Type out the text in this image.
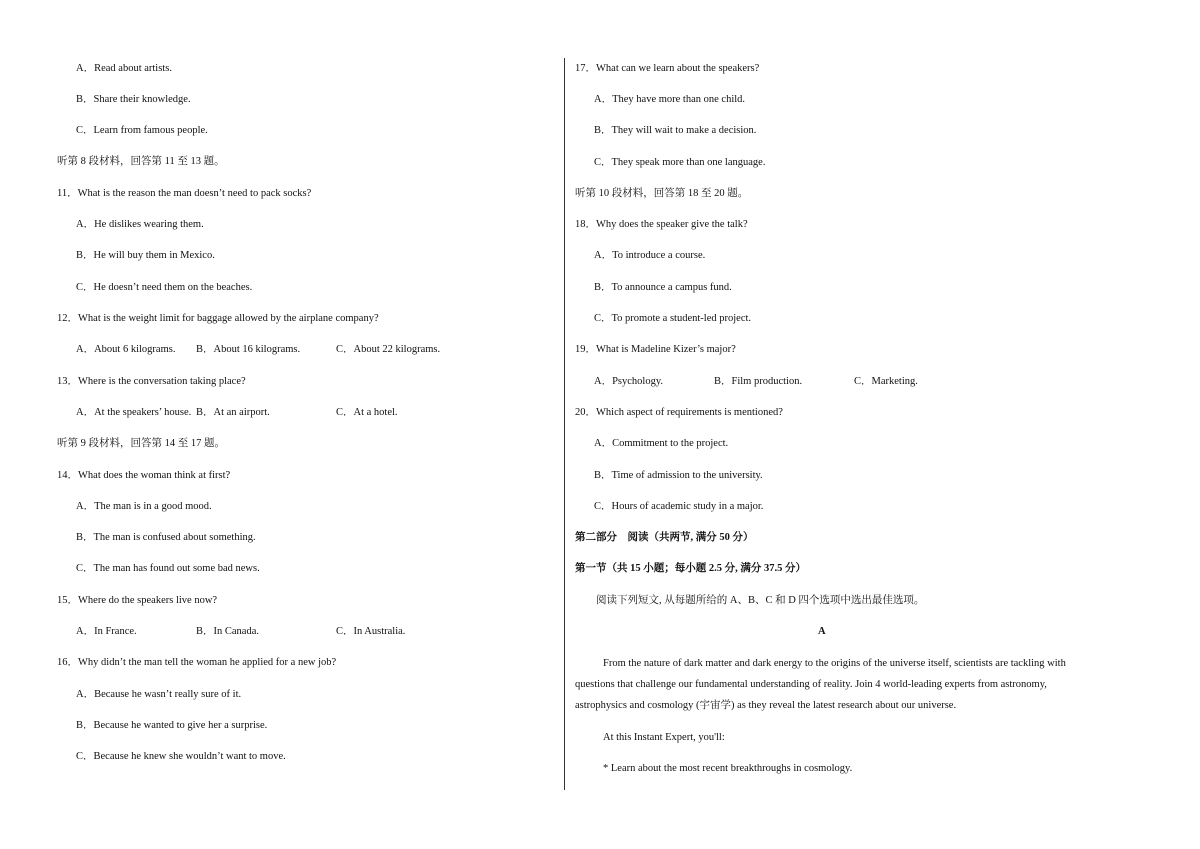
A．Read about artists.
B．Share their knowledge.
C．Learn from famous people.
听第 8 段材料，回答第 11 至 13 题。
11．What is the reason the man doesn’t need to pack socks?
A．He dislikes wearing them.
B．He will buy them in Mexico.
C．He doesn’t need them on the beaches.
12．What is the weight limit for baggage allowed by the airplane company?
A．About 6 kilograms. B．About 16 kilograms.	C．About 22 kilograms.
13．Where is the conversation taking place?
A．At the speakers’ house. B．At an airport.	C．At a hotel.
听第 9 段材料，回答第 14 至 17 题。
14．What does the woman think at first?
A．The man is in a good mood.
B．The man is confused about something.
C．The man has found out some bad news.
15．Where do the speakers live now?
A．In France.	B．In Canada.	C．In Australia.
16．Why didn’t the man tell the woman he applied for a new job?
A．Because he wasn’t really sure of it.
B．Because he wanted to give her a surprise.
C．Because he knew she wouldn’t want to move.
17．What can we learn about the speakers?
A．They have more than one child.
B．They will wait to make a decision.
C．They speak more than one language.
听第 10 段材料，回答第 18 至 20 题。
18．Why does the speaker give the talk?
A．To introduce a course.
B．To announce a campus fund.
C．To promote a student-led project.
19．What is Madeline Kizer’s major?
A．Psychology.	B．Film production.	C．Marketing.
20．Which aspect of requirements is mentioned?
A．Commitment to the project.
B．Time of admission to the university.
C．Hours of academic study in a major.
第二部分　阅读（共两节, 满分 50 分）
第一节（共 15 小题；每小题 2.5 分, 满分 37.5 分）
阅读下列短文, 从每题所给的 A、B、C 和 D 四个选项中选出最佳选项。
A
From the nature of dark matter and dark energy to the origins of the universe itself, scientists are tackling with
questions that challenge our fundamental understanding of reality. Join 4 world-leading experts from astronomy,
astrophysics and cosmology (宇宙学) as they reveal the latest research about our universe.
At this Instant Expert, you'll:
* Learn about the most recent breakthroughs in cosmology.
